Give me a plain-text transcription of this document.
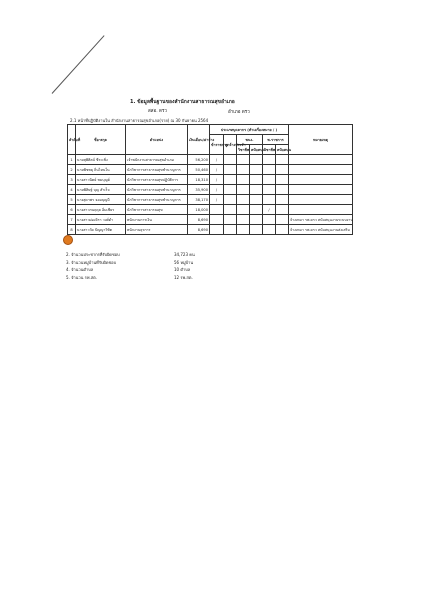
1. ข้อมูลพื้นฐานของสำนักงานสาธารณสุขอำเภอ
สสอ. ดรว	อำเภอ ดรว
2.1 หน้าที่ปฏิบัติงานใน สำนักงานสาธารณสุขอำเภอ(ราย) ณ 30 กันยายน 2564
ลำดับที่	ชื่อ-สกุล	ตำแหน่ง	เงินเดือน/ค่าจ้าง	ประเภทบุคลากร (ทำเครื่องหมาย / )						หมายเหตุ
				ข้าราชการ	ลูกจ้างประจำ	พนง.		พ.ราชการ		
						วิชาชีพ	สนับสนุน	วิชาชีพ	สนับสนุน	
1	นายสุพิศิลป์ ชีระเซิ่ง	เจ้าพนักงานสาธารณสุขอำเภอ	56,200	/						
2	นายพิชชยุ ถิ่นไหนใน	นักวิชาการสาธารณสุขชำนาญการ	50,460	/						
3	นางสาวนิตย์ ชมบุญย์	นักวิชาการสาธารณสุขปฏิบัติการ	18,310	/						
4	นายพิสิษฐ์ บุญ สำเร็จ	นักวิชาการสาธารณสุขชำนาญการ	35,900	/						
5	นางสุดาพร จอมบุญมี	นักวิชาการสาธารณสุขชำนาญการ	38,170	/						
6	นางสาวกนฤดุล อิ่มเชียร	นักวิชาการสาธารณสุข	18,000					/		
7	นางสาวผ่องจิรา วงศ์ดำ	พนักงานการเงิน	8,690							จ้างเหมา รพ.ดรว สนับสนุนงานระบบงาน
8	นางสาววัด ปัญญาวิทิต	พนักงานธุรการ	8,690							จ้างเหมา รพ.ดรว สนับสนุนงานส่งเสริม
2. จำนวนประชากรที่รับผิดชอบ	34,723 คน
3. จำนวนหมู่บ้านที่รับผิดชอบ	56 หมู่บ้าน
4. จำนวนตำบล	10 ตำบล
5. จำนวน รพ.สต.	12 รพ.สต.
